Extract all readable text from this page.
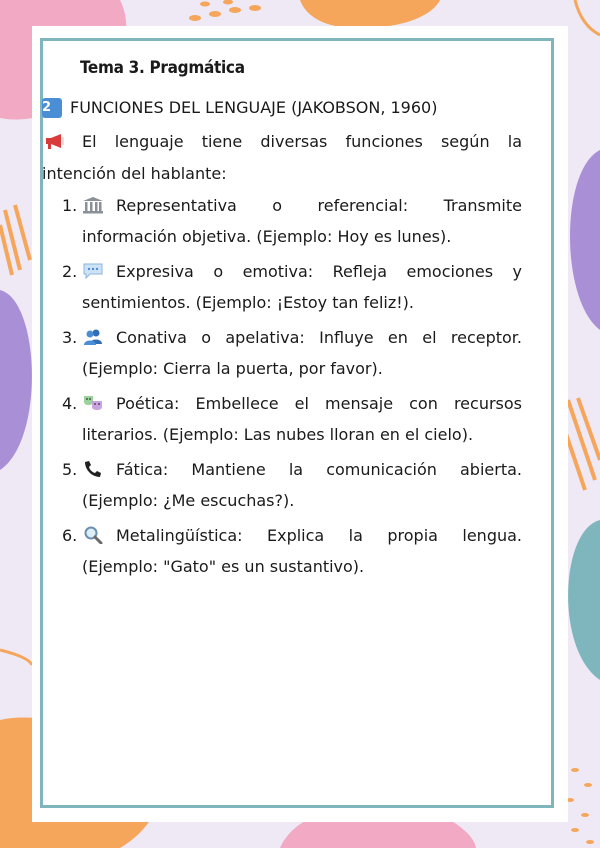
Tema 3. Pragmática
2 FUNCIONES DEL LENGUAJE (JAKOBSON, 1960)
El lenguaje tiene diversas funciones según la intención del hablante:
1. Representativa o referencial: Transmite información objetiva. (Ejemplo: Hoy es lunes).
2. Expresiva o emotiva: Refleja emociones y sentimientos. (Ejemplo: ¡Estoy tan feliz!).
3. Conativa o apelativa: Influye en el receptor. (Ejemplo: Cierra la puerta, por favor).
4. Poética: Embellece el mensaje con recursos literarios. (Ejemplo: Las nubes lloran en el cielo).
5. Fática: Mantiene la comunicación abierta. (Ejemplo: ¿Me escuchas?).
6. Metalingüística: Explica la propia lengua. (Ejemplo: "Gato" es un sustantivo).
